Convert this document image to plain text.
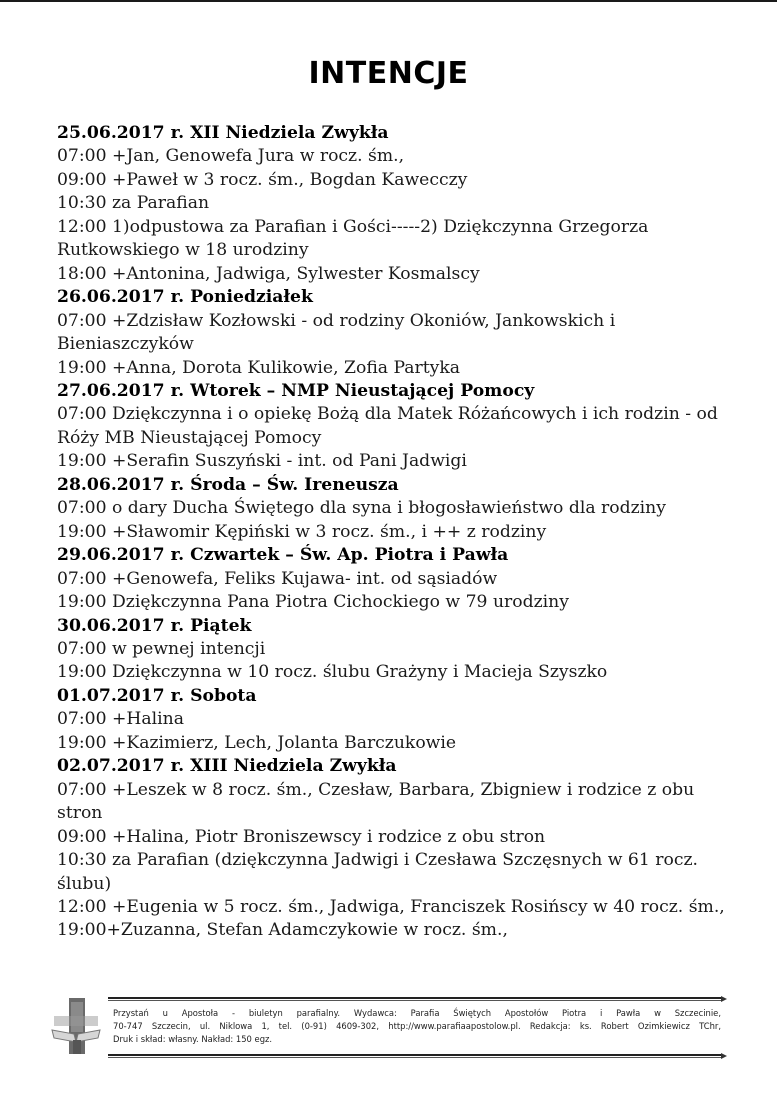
INTENCJE
25.06.2017 r. XII Niedziela Zwykła
07:00 +Jan, Genowefa Jura w rocz. śm.,
09:00 +Paweł w 3 rocz. śm., Bogdan Kawecczy
10:30 za Parafian
12:00 1)odpustowa za Parafian i Gości-----2) Dziękczynna Grzegorza Rutkowskiego w 18 urodziny
18:00 +Antonina, Jadwiga, Sylwester Kosmalscy
26.06.2017 r. Poniedziałek
07:00 +Zdzisław Kozłowski - od rodziny Okoniów, Jankowskich i Bieniaszczyków
19:00 +Anna, Dorota Kulikowie, Zofia Partyka
27.06.2017 r. Wtorek – NMP Nieustającej Pomocy
07:00 Dziękczynna i o opiekę Bożą dla Matek Różańcowych i ich rodzin - od Róży MB Nieustającej Pomocy
19:00 +Serafin Suszyński - int. od Pani Jadwigi
28.06.2017 r. Środa – Św. Ireneusza
07:00 o dary Ducha Świętego dla syna i błogosławieństwo dla rodziny
19:00 +Sławomir Kępiński w 3 rocz. śm., i ++ z rodziny
29.06.2017 r. Czwartek – Św. Ap. Piotra i Pawła
07:00 +Genowefa, Feliks Kujawa- int. od sąsiadów
19:00 Dziękczynna Pana Piotra Cichockiego w 79 urodziny
30.06.2017 r. Piątek
07:00 w pewnej intencji
19:00 Dziękczynna w 10 rocz. ślubu Grażyny i Macieja Szyszko
01.07.2017 r. Sobota
07:00 +Halina
19:00 +Kazimierz, Lech, Jolanta Barczukowie
02.07.2017 r. XIII Niedziela Zwykła
07:00 +Leszek w 8 rocz. śm., Czesław, Barbara, Zbigniew i rodzice z obu stron
09:00 +Halina, Piotr Broniszewscy i rodzice z obu stron
10:30 za Parafian (dziękczynna Jadwigi i Czesława Szczęsnych w 61 rocz. ślubu)
12:00 +Eugenia w 5 rocz. śm., Jadwiga, Franciszek Rosińscy w 40 rocz. śm.,
19:00+Zuzanna, Stefan Adamczykowie w rocz. śm.,
Przystań u Apostoła - biuletyn parafialny. Wydawca: Parafia Świętych Apostołów Piotra i Pawła w Szczecinie,
70-747 Szczecin, ul. Niklowa 1, tel. (0-91) 4609-302, http://www.parafiaapostolow.pl. Redakcja: ks. Robert Ozimkiewicz TChr,
Druk i skład: własny. Nakład: 150 egz.
